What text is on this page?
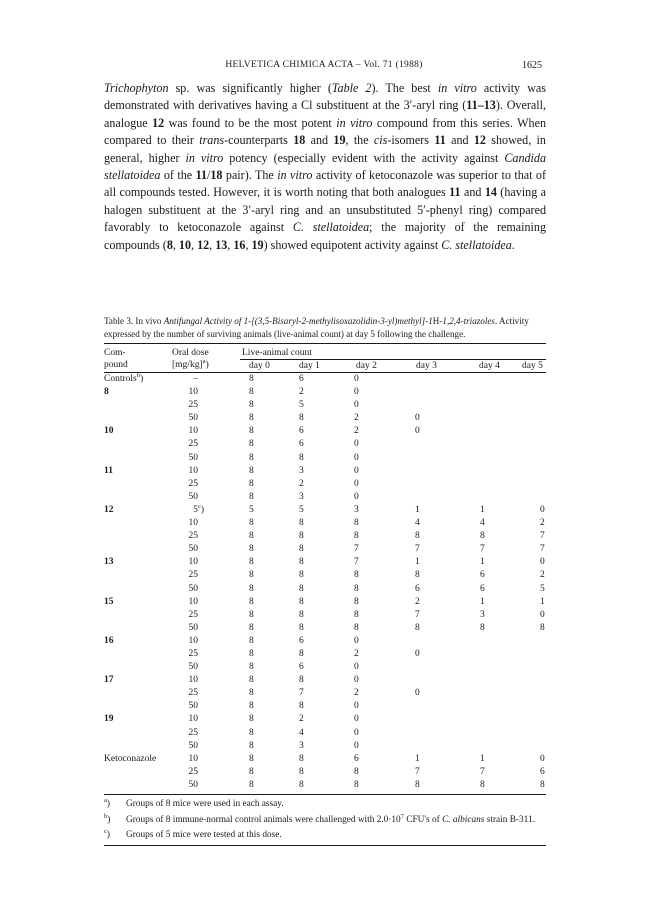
HELVETICA CHIMICA ACTA – Vol. 71 (1988)	1625

Trichophyton sp. was significantly higher (Table 2). The best in vitro activity was demonstrated with derivatives having a Cl substituent at the 3′-aryl ring (11–13). Overall, analogue 12 was found to be the most potent in vitro compound from this series. When compared to their trans-counterparts 18 and 19, the cis-isomers 11 and 12 showed, in general, higher in vitro potency (especially evident with the activity against Candida stellatoidea of the 11/18 pair). The in vitro activity of ketoconazole was superior to that of all compounds tested. However, it is worth noting that both analogues 11 and 14 (having a halogen substituent at the 3′-aryl ring and an unsubstituted 5′-phenyl ring) compared favorably to ketoconazole against C. stellatoidea; the majority of the remaining compounds (8, 10, 12, 13, 16, 19) showed equipotent activity against C. stellatoidea.

Table 3. In vivo Antifungal Activity of 1-[(3,5-Bisaryl-2-methylisoxazolidin-3-yl)methyl]-1H-1,2,4-triazoles. Activity expressed by the number of surviving animals (live-animal count) at day 5 following the challenge.
Com-
pound
Oral dose
$[mg/kg]^a$)
Live-animal count
day 0	day 1	day 2	day 3	day 4 day 5
Controls$^b$)	–	8	6	0
8	10	8	2	0
25	8	5	0
50	8	8	2	0
10	10	8	6	2	0
25	8	6	0
50	8	8	0
11	10	8	3	0
25	8	2	0
50	8	3	0
12	5$^c$)	5	5	3	1	1	0
10	8	8	8	4	4	2
25	8	8	8	8	8	7
50	8	8	7	7	7	7
13	10	8	8	7	1	1	0
25	8	8	8	8	6	2
50	8	8	8	6	6	5
15	10	8	8	8	2	1	1
25	8	8	8	7	3	0
50	8	8	8	8	8	8
16	10	8	6	0
25	8	8	2	0
50	8	6	0
17	10	8	8	0
25	8	7	2	0
50	8	8	0
19	10	8	2	0
25	8	4	0
50	8	3	0
Ketoconazole	10	8	8	6	1	1	0
25	8	8	8	7	7	6
50	8	8	8	8	8	8
$^a$) Groups of 8 mice were used in each assay.
$^b$) Groups of 8 immune-normal control animals were challenged with $2.0\cdot 10^7$ CFU's of C. albicans strain B-311.
$^c$) Groups of 5 mice were tested at this dose.
